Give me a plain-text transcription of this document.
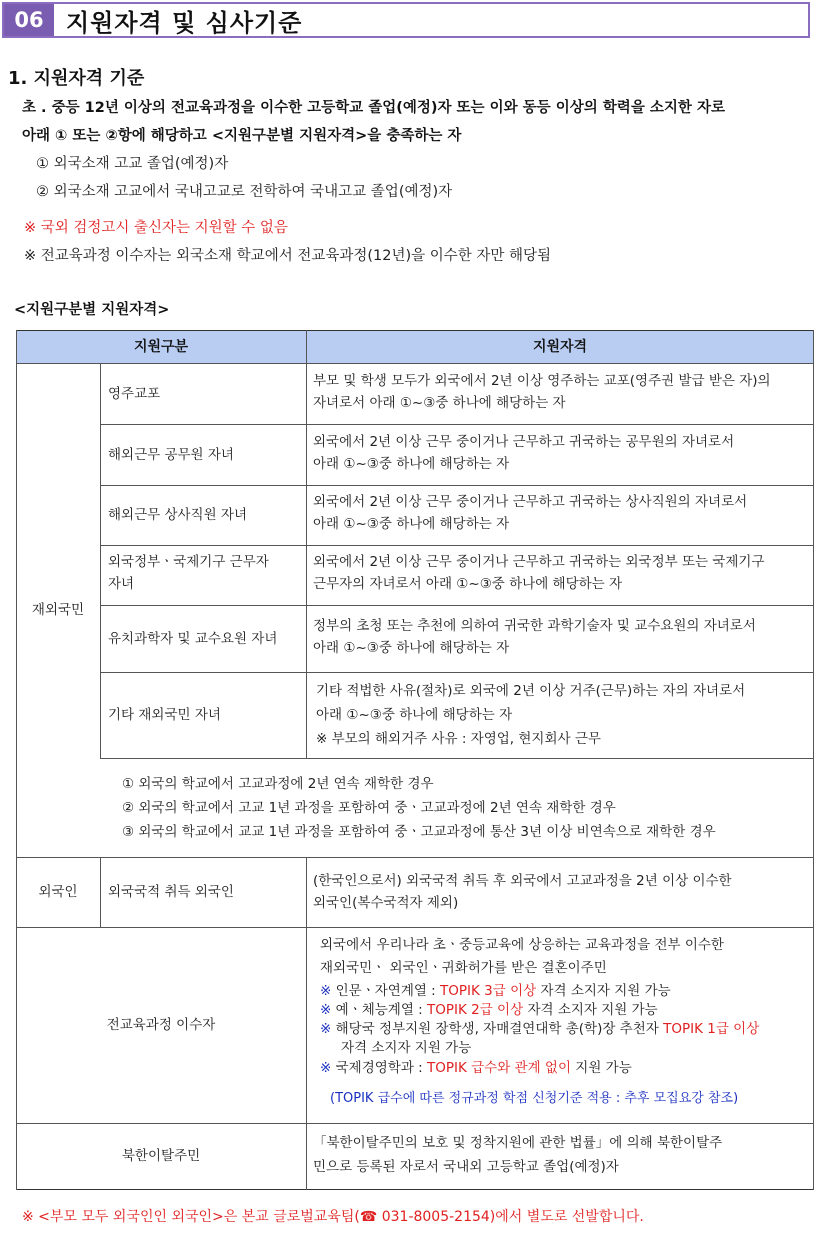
06 지원자격 및 심사기준
1. 지원자격 기준
초 . 중등 12년 이상의 전교육과정을 이수한 고등학교 졸업(예정)자 또는 이와 동등 이상의 학력을 소지한 자로
아래 ① 또는 ②항에 해당하고 <지원구분별 지원자격>을 충족하는 자
① 외국소재 고교 졸업(예정)자
② 외국소재 고교에서 국내고교로 전학하여 국내고교 졸업(예정)자
※ 국외 검정고시 출신자는 지원할 수 없음
※ 전교육과정 이수자는 외국소재 학교에서 전교육과정(12년)을 이수한 자만 해당됨
<지원구분별 지원자격>
지원구분	지원자격
재외국민
영주교포
부모 및 학생 모두가 외국에서 2년 이상 영주하는 교포(영주권 발급 받은 자)의
자녀로서 아래 ①~③중 하나에 해당하는 자
해외근무 공무원 자녀
외국에서 2년 이상 근무 중이거나 근무하고 귀국하는 공무원의 자녀로서
아래 ①~③중 하나에 해당하는 자
해외근무 상사직원 자녀
외국에서 2년 이상 근무 중이거나 근무하고 귀국하는 상사직원의 자녀로서
아래 ①~③중 하나에 해당하는 자
외국정부ㆍ국제기구 근무자
자녀
외국에서 2년 이상 근무 중이거나 근무하고 귀국하는 외국정부 또는 국제기구
근무자의 자녀로서 아래 ①~③중 하나에 해당하는 자
유치과학자 및 교수요원 자녀
정부의 초청 또는 추천에 의하여 귀국한 과학기술자 및 교수요원의 자녀로서
아래 ①~③중 하나에 해당하는 자
기타 재외국민 자녀
기타 적법한 사유(절차)로 외국에 2년 이상 거주(근무)하는 자의 자녀로서
아래 ①~③중 하나에 해당하는 자
※ 부모의 해외거주 사유 : 자영업, 현지회사 근무
① 외국의 학교에서 고교과정에 2년 연속 재학한 경우
② 외국의 학교에서 고교 1년 과정을 포함하여 중ㆍ고교과정에 2년 연속 재학한 경우
③ 외국의 학교에서 교교 1년 과정을 포함하여 중ㆍ고교과정에 통산 3년 이상 비연속으로 재학한 경우
외국인	외국국적 취득 외국인
(한국인으로서) 외국국적 취득 후 외국에서 고교과정을 2년 이상 이수한
외국인(복수국적자 제외)
전교육과정 이수자
외국에서 우리나라 초ㆍ중등교육에 상응하는 교육과정을 전부 이수한
재외국민ㆍ 외국인ㆍ귀화허가를 받은 결혼이주민
※ 인문ㆍ자연계열 : TOPIK 3급 이상 자격 소지자 지원 가능
※ 예ㆍ체능계열 : TOPIK 2급 이상 자격 소지자 지원 가능
※ 해당국 정부지원 장학생, 자매결연대학 총(학)장 추천자 TOPIK 1급 이상
자격 소지자 지원 가능
※ 국제경영학과 : TOPIK 급수와 관계 없이 지원 가능
(TOPIK 급수에 따른 정규과정 학점 신청기준 적용 : 추후 모집요강 참조)
북한이탈주민
「북한이탈주민의 보호 및 정착지원에 관한 법률」에 의해 북한이탈주
민으로 등록된 자로서 국내외 고등학교 졸업(예정)자
※ <부모 모두 외국인인 외국인>은 본교 글로벌교육팀(☎ 031-8005-2154)에서 별도로 선발합니다.
